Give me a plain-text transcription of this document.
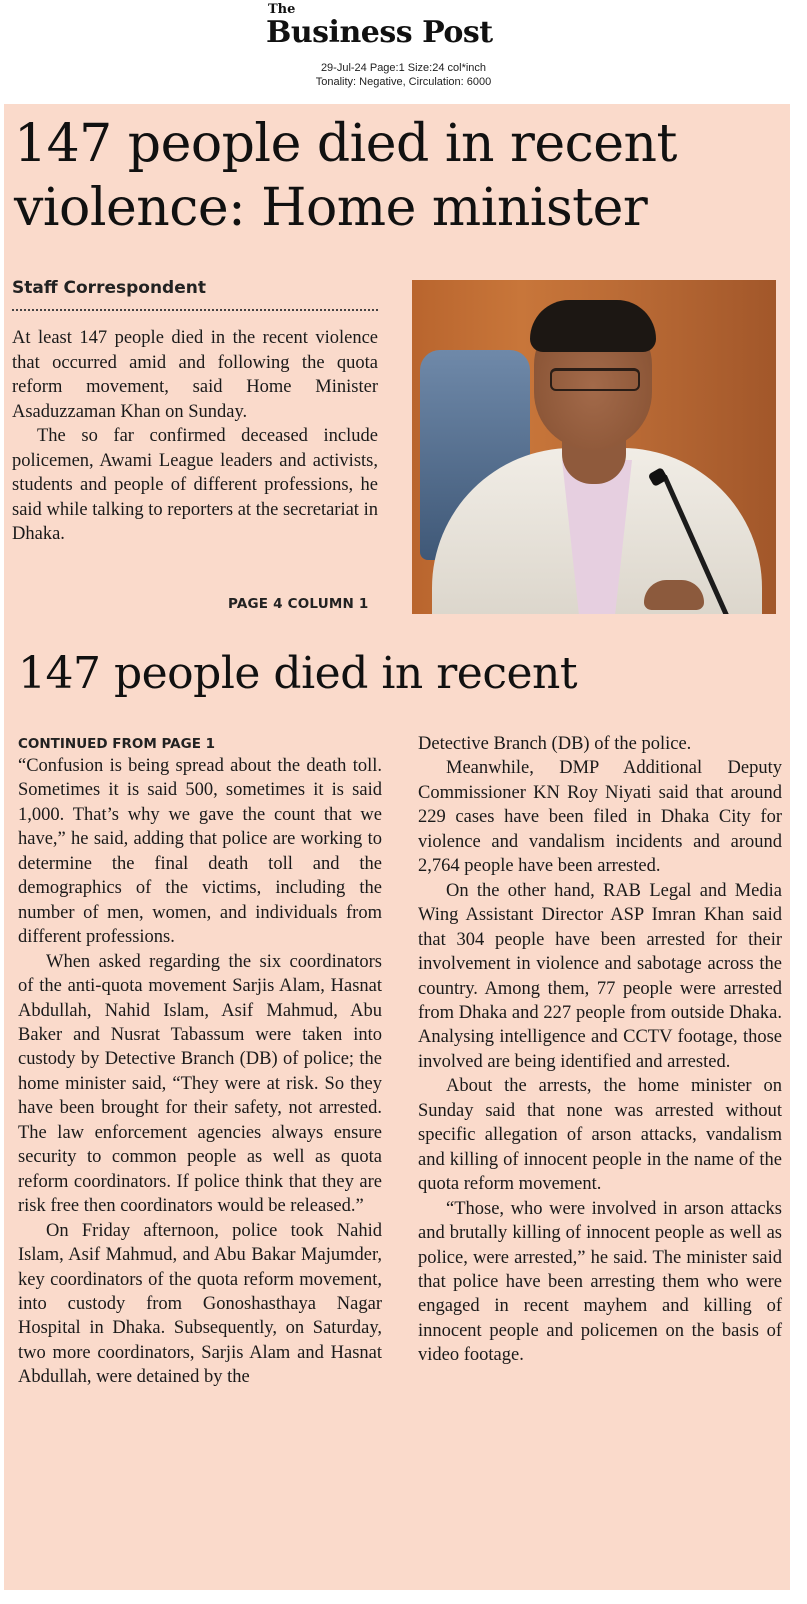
The
Business Post
29-Jul-24 Page:1 Size:24 col*inch
Tonality: Negative, Circulation: 6000
147 people died in recent
violence: Home minister
Staff Correspondent

At least 147 people died in the recent violence that occurred amid and following the quota reform movement, said Home Minister Asaduzzaman Khan on Sunday.

The so far confirmed deceased include policemen, Awami League leaders and activists, students and people of different professions, he said while talking to reporters at the secretariat in Dhaka.

PAGE 4 COLUMN 1
147 people died in recent
CONTINUED FROM PAGE 1

“Confusion is being spread about the death toll. Sometimes it is said 500, sometimes it is said 1,000. That’s why we gave the count that we have,” he said, adding that police are working to determine the final death toll and the demographics of the victims, including the number of men, women, and individuals from different professions.

When asked regarding the six coordinators of the anti-quota movement Sarjis Alam, Hasnat Abdullah, Nahid Islam, Asif Mahmud, Abu Baker and Nusrat Tabassum were taken into custody by Detective Branch (DB) of police; the home minister said, “They were at risk. So they have been brought for their safety, not arrested. The law enforcement agencies always ensure security to common people as well as quota reform coordinators. If police think that they are risk free then coordinators would be released.”

On Friday afternoon, police took Nahid Islam, Asif Mahmud, and Abu Bakar Majumder, key coordinators of the quota reform movement, into custody from Gonoshasthaya Nagar Hospital in Dhaka. Subsequently, on Saturday, two more coordinators, Sarjis Alam and Hasnat Abdullah, were detained by the

Detective Branch (DB) of the police.

Meanwhile, DMP Additional Deputy Commissioner KN Roy Niyati said that around 229 cases have been filed in Dhaka City for violence and vandalism incidents and around 2,764 people have been arrested.

On the other hand, RAB Legal and Media Wing Assistant Director ASP Imran Khan said that 304 people have been arrested for their involvement in violence and sabotage across the country. Among them, 77 people were arrested from Dhaka and 227 people from outside Dhaka. Analysing intelligence and CCTV footage, those involved are being identified and arrested.

About the arrests, the home minister on Sunday said that none was arrested without specific allegation of arson attacks, vandalism and killing of innocent people in the name of the quota reform movement.

“Those, who were involved in arson attacks and brutally killing of innocent people as well as police, were arrested,” he said. The minister said that police have been arresting them who were engaged in recent mayhem and killing of innocent people and policemen on the basis of video footage.
